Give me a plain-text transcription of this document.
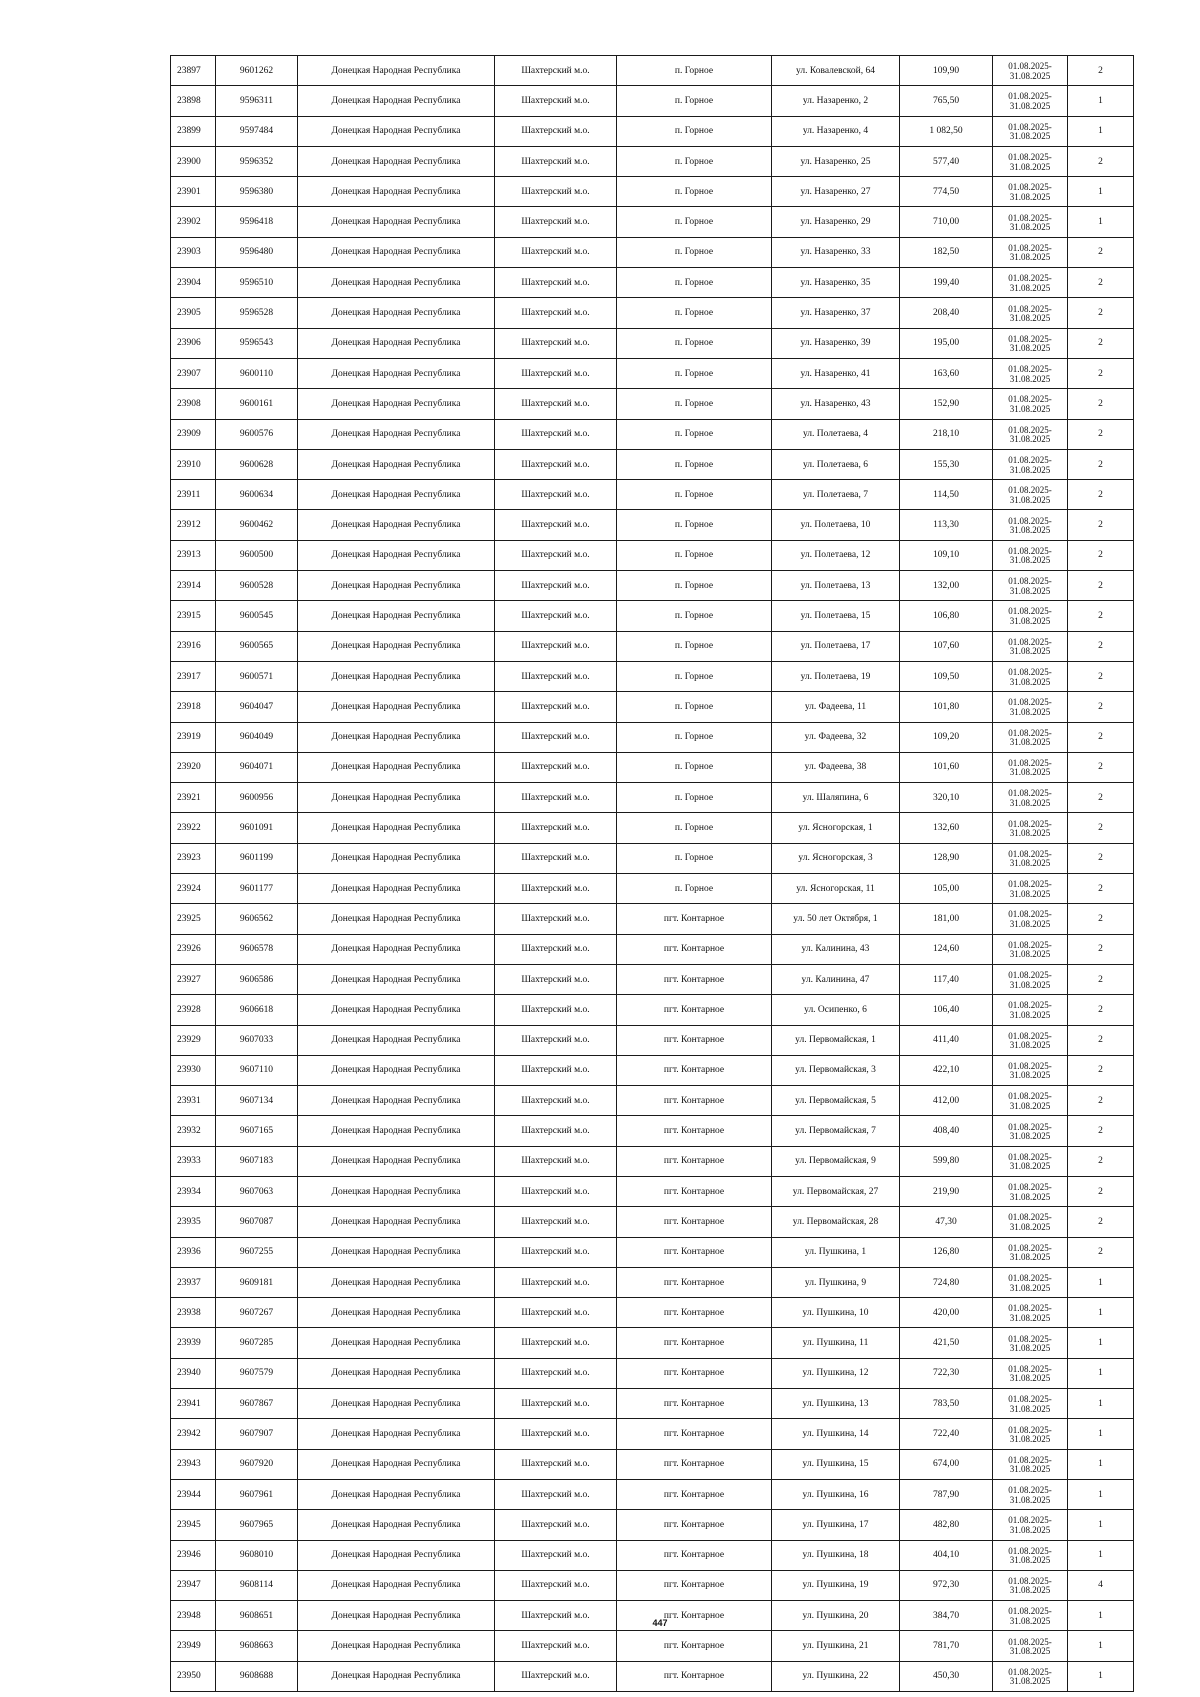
23897	9601262	Донецкая Народная Республика	Шахтерский м.о.	п. Горное	ул. Ковалевской, 64	109,90	01.08.2025-
31.08.2025	2
23898	9596311	Донецкая Народная Республика	Шахтерский м.о.	п. Горное	ул. Назаренко, 2	765,50	01.08.2025-
31.08.2025	1
23899	9597484	Донецкая Народная Республика	Шахтерский м.о.	п. Горное	ул. Назаренко, 4	1 082,50	01.08.2025-
31.08.2025	1
23900	9596352	Донецкая Народная Республика	Шахтерский м.о.	п. Горное	ул. Назаренко, 25	577,40	01.08.2025-
31.08.2025	2
23901	9596380	Донецкая Народная Республика	Шахтерский м.о.	п. Горное	ул. Назаренко, 27	774,50	01.08.2025-
31.08.2025	1
23902	9596418	Донецкая Народная Республика	Шахтерский м.о.	п. Горное	ул. Назаренко, 29	710,00	01.08.2025-
31.08.2025	1
23903	9596480	Донецкая Народная Республика	Шахтерский м.о.	п. Горное	ул. Назаренко, 33	182,50	01.08.2025-
31.08.2025	2
23904	9596510	Донецкая Народная Республика	Шахтерский м.о.	п. Горное	ул. Назаренко, 35	199,40	01.08.2025-
31.08.2025	2
23905	9596528	Донецкая Народная Республика	Шахтерский м.о.	п. Горное	ул. Назаренко, 37	208,40	01.08.2025-
31.08.2025	2
23906	9596543	Донецкая Народная Республика	Шахтерский м.о.	п. Горное	ул. Назаренко, 39	195,00	01.08.2025-
31.08.2025	2
23907	9600110	Донецкая Народная Республика	Шахтерский м.о.	п. Горное	ул. Назаренко, 41	163,60	01.08.2025-
31.08.2025	2
23908	9600161	Донецкая Народная Республика	Шахтерский м.о.	п. Горное	ул. Назаренко, 43	152,90	01.08.2025-
31.08.2025	2
23909	9600576	Донецкая Народная Республика	Шахтерский м.о.	п. Горное	ул. Полетаева, 4	218,10	01.08.2025-
31.08.2025	2
23910	9600628	Донецкая Народная Республика	Шахтерский м.о.	п. Горное	ул. Полетаева, 6	155,30	01.08.2025-
31.08.2025	2
23911	9600634	Донецкая Народная Республика	Шахтерский м.о.	п. Горное	ул. Полетаева, 7	114,50	01.08.2025-
31.08.2025	2
23912	9600462	Донецкая Народная Республика	Шахтерский м.о.	п. Горное	ул. Полетаева, 10	113,30	01.08.2025-
31.08.2025	2
23913	9600500	Донецкая Народная Республика	Шахтерский м.о.	п. Горное	ул. Полетаева, 12	109,10	01.08.2025-
31.08.2025	2
23914	9600528	Донецкая Народная Республика	Шахтерский м.о.	п. Горное	ул. Полетаева, 13	132,00	01.08.2025-
31.08.2025	2
23915	9600545	Донецкая Народная Республика	Шахтерский м.о.	п. Горное	ул. Полетаева, 15	106,80	01.08.2025-
31.08.2025	2
23916	9600565	Донецкая Народная Республика	Шахтерский м.о.	п. Горное	ул. Полетаева, 17	107,60	01.08.2025-
31.08.2025	2
23917	9600571	Донецкая Народная Республика	Шахтерский м.о.	п. Горное	ул. Полетаева, 19	109,50	01.08.2025-
31.08.2025	2
23918	9604047	Донецкая Народная Республика	Шахтерский м.о.	п. Горное	ул. Фадеева, 11	101,80	01.08.2025-
31.08.2025	2
23919	9604049	Донецкая Народная Республика	Шахтерский м.о.	п. Горное	ул. Фадеева, 32	109,20	01.08.2025-
31.08.2025	2
23920	9604071	Донецкая Народная Республика	Шахтерский м.о.	п. Горное	ул. Фадеева, 38	101,60	01.08.2025-
31.08.2025	2
23921	9600956	Донецкая Народная Республика	Шахтерский м.о.	п. Горное	ул. Шаляпина, 6	320,10	01.08.2025-
31.08.2025	2
23922	9601091	Донецкая Народная Республика	Шахтерский м.о.	п. Горное	ул. Ясногорская, 1	132,60	01.08.2025-
31.08.2025	2
23923	9601199	Донецкая Народная Республика	Шахтерский м.о.	п. Горное	ул. Ясногорская, 3	128,90	01.08.2025-
31.08.2025	2
23924	9601177	Донецкая Народная Республика	Шахтерский м.о.	п. Горное	ул. Ясногорская, 11	105,00	01.08.2025-
31.08.2025	2
23925	9606562	Донецкая Народная Республика	Шахтерский м.о.	пгт. Контарное	ул. 50 лет Октября, 1	181,00	01.08.2025-
31.08.2025	2
23926	9606578	Донецкая Народная Республика	Шахтерский м.о.	пгт. Контарное	ул. Калинина, 43	124,60	01.08.2025-
31.08.2025	2
23927	9606586	Донецкая Народная Республика	Шахтерский м.о.	пгт. Контарное	ул. Калинина, 47	117,40	01.08.2025-
31.08.2025	2
23928	9606618	Донецкая Народная Республика	Шахтерский м.о.	пгт. Контарное	ул. Осипенко, 6	106,40	01.08.2025-
31.08.2025	2
23929	9607033	Донецкая Народная Республика	Шахтерский м.о.	пгт. Контарное	ул. Первомайская, 1	411,40	01.08.2025-
31.08.2025	2
23930	9607110	Донецкая Народная Республика	Шахтерский м.о.	пгт. Контарное	ул. Первомайская, 3	422,10	01.08.2025-
31.08.2025	2
23931	9607134	Донецкая Народная Республика	Шахтерский м.о.	пгт. Контарное	ул. Первомайская, 5	412,00	01.08.2025-
31.08.2025	2
23932	9607165	Донецкая Народная Республика	Шахтерский м.о.	пгт. Контарное	ул. Первомайская, 7	408,40	01.08.2025-
31.08.2025	2
23933	9607183	Донецкая Народная Республика	Шахтерский м.о.	пгт. Контарное	ул. Первомайская, 9	599,80	01.08.2025-
31.08.2025	2
23934	9607063	Донецкая Народная Республика	Шахтерский м.о.	пгт. Контарное	ул. Первомайская, 27	219,90	01.08.2025-
31.08.2025	2
23935	9607087	Донецкая Народная Республика	Шахтерский м.о.	пгт. Контарное	ул. Первомайская, 28	47,30	01.08.2025-
31.08.2025	2
23936	9607255	Донецкая Народная Республика	Шахтерский м.о.	пгт. Контарное	ул. Пушкина, 1	126,80	01.08.2025-
31.08.2025	2
23937	9609181	Донецкая Народная Республика	Шахтерский м.о.	пгт. Контарное	ул. Пушкина, 9	724,80	01.08.2025-
31.08.2025	1
23938	9607267	Донецкая Народная Республика	Шахтерский м.о.	пгт. Контарное	ул. Пушкина, 10	420,00	01.08.2025-
31.08.2025	1
23939	9607285	Донецкая Народная Республика	Шахтерский м.о.	пгт. Контарное	ул. Пушкина, 11	421,50	01.08.2025-
31.08.2025	1
23940	9607579	Донецкая Народная Республика	Шахтерский м.о.	пгт. Контарное	ул. Пушкина, 12	722,30	01.08.2025-
31.08.2025	1
23941	9607867	Донецкая Народная Республика	Шахтерский м.о.	пгт. Контарное	ул. Пушкина, 13	783,50	01.08.2025-
31.08.2025	1
23942	9607907	Донецкая Народная Республика	Шахтерский м.о.	пгт. Контарное	ул. Пушкина, 14	722,40	01.08.2025-
31.08.2025	1
23943	9607920	Донецкая Народная Республика	Шахтерский м.о.	пгт. Контарное	ул. Пушкина, 15	674,00	01.08.2025-
31.08.2025	1
23944	9607961	Донецкая Народная Республика	Шахтерский м.о.	пгт. Контарное	ул. Пушкина, 16	787,90	01.08.2025-
31.08.2025	1
23945	9607965	Донецкая Народная Республика	Шахтерский м.о.	пгт. Контарное	ул. Пушкина, 17	482,80	01.08.2025-
31.08.2025	1
23946	9608010	Донецкая Народная Республика	Шахтерский м.о.	пгт. Контарное	ул. Пушкина, 18	404,10	01.08.2025-
31.08.2025	1
23947	9608114	Донецкая Народная Республика	Шахтерский м.о.	пгт. Контарное	ул. Пушкина, 19	972,30	01.08.2025-
31.08.2025	4
23948	9608651	Донецкая Народная Республика	Шахтерский м.о.	пгт. Контарное	ул. Пушкина, 20	384,70	01.08.2025-
31.08.2025	1
23949	9608663	Донецкая Народная Республика	Шахтерский м.о.	пгт. Контарное	ул. Пушкина, 21	781,70	01.08.2025-
31.08.2025	1
23950	9608688	Донецкая Народная Республика	Шахтерский м.о.	пгт. Контарное	ул. Пушкина, 22	450,30	01.08.2025-
31.08.2025	1
447
